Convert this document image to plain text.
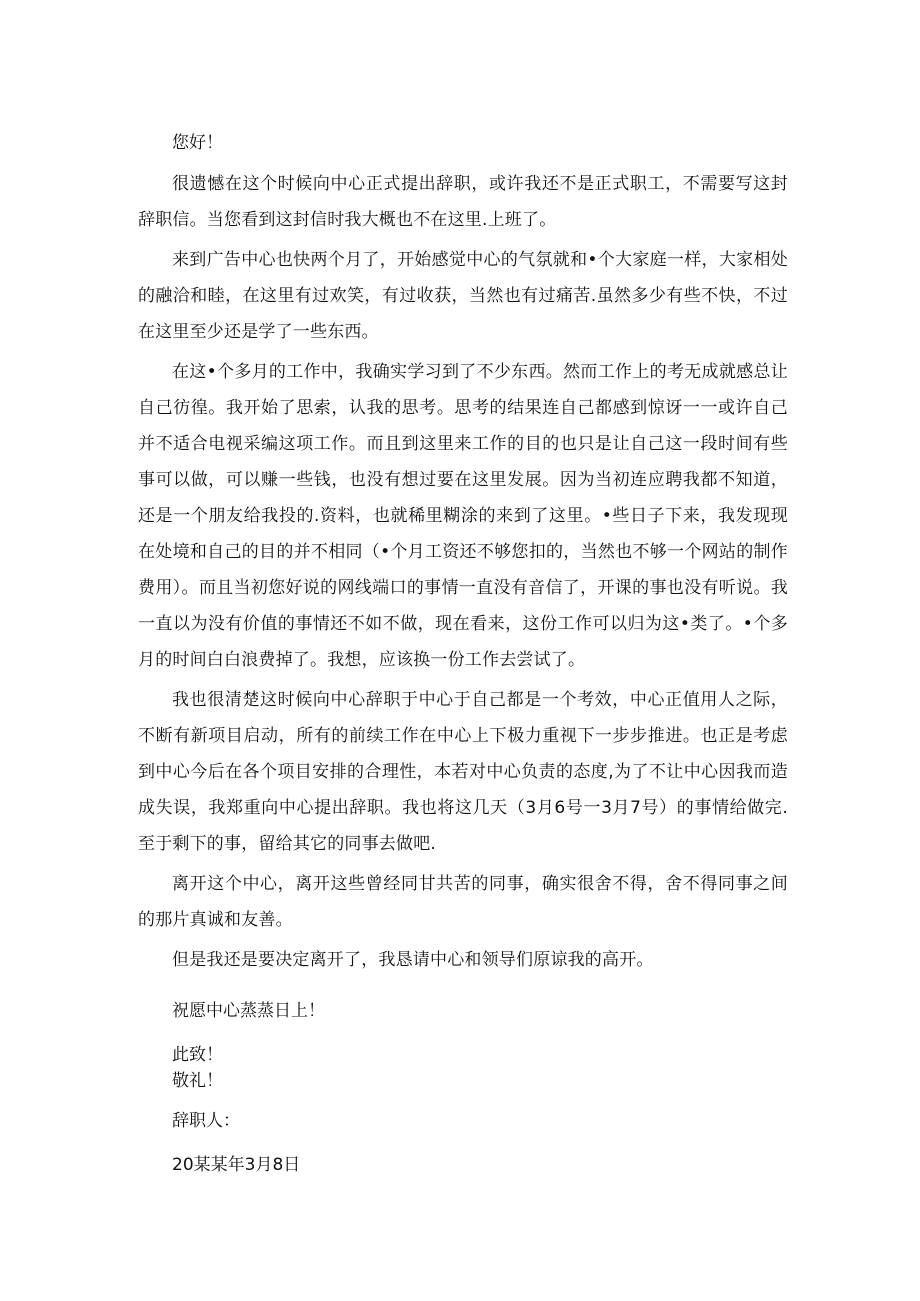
您好！

很遗憾在这个时候向中心正式提出辞职，或许我还不是正式职工，不需要写这封辞职信。当您看到这封信时我大概也不在这里.上班了。

来到广告中心也快两个月了，开始感觉中心的气氛就和•个大家庭一样，大家相处的融洽和睦，在这里有过欢笑，有过收获，当然也有过痛苦.虽然多少有些不快，不过在这里至少还是学了一些东西。

在这•个多月的工作中，我确实学习到了不少东西。然而工作上的考无成就感总让自己彷徨。我开始了思索，认我的思考。思考的结果连自己都感到惊讶一一或许自己并不适合电视采编这项工作。而且到这里来工作的目的也只是让自己这一段时间有些事可以做，可以赚一些钱，也没有想过要在这里发展。因为当初连应聘我都不知道，还是一个朋友给我投的.资料，也就稀里糊涂的来到了这里。•些日子下来，我发现现在处境和自己的目的并不相同（•个月工资还不够您扣的，当然也不够一个网站的制作费用）。而且当初您好说的网线端口的事情一直没有音信了，开课的事也没有听说。我一直以为没有价值的事情还不如不做，现在看来，这份工作可以归为这•类了。•个多月的时间白白浪费掉了。我想，应该换一份工作去尝试了。

我也很清楚这时候向中心辞职于中心于自己都是一个考效，中心正值用人之际，不断有新项目启动，所有的前续工作在中心上下极力重视下一步步推进。也正是考虑到中心今后在各个项目安排的合理性，本若对中心负责的态度,为了不让中心因我而造成失误，我郑重向中心提出辞职。我也将这几天（3月6号一3月7号）的事情给做完.至于剩下的事，留给其它的同事去做吧.

离开这个中心，离开这些曾经同甘共苦的同事，确实很舍不得，舍不得同事之间的那片真诚和友善。

但是我还是要决定离开了，我恳请中心和领导们原谅我的高开。

祝愿中心蒸蒸日上！

此致！

敬礼！

辞职人：

20某某年3月8日
